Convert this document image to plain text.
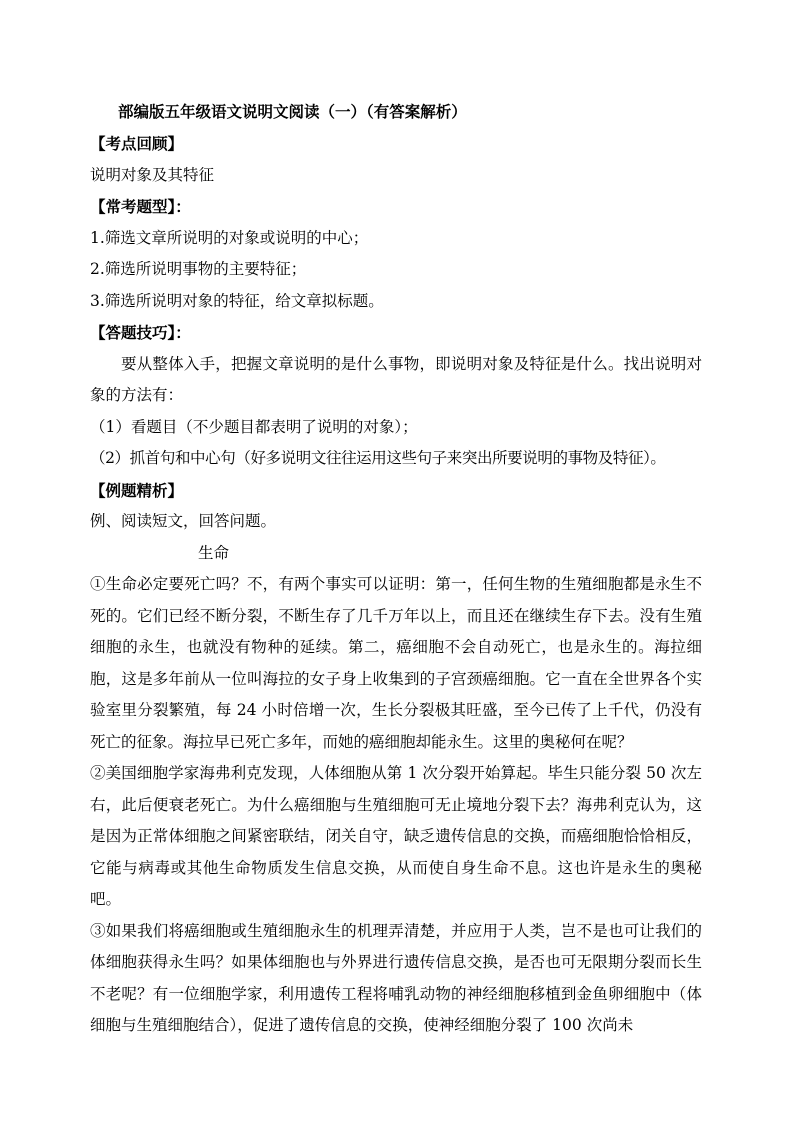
部编版五年级语文说明文阅读（一）（有答案解析）

【考点回顾】

说明对象及其特征

【常考题型】：

1.筛选文章所说明的对象或说明的中心；

2.筛选所说明事物的主要特征；

3.筛选所说明对象的特征，给文章拟标题。

【答题技巧】：

要从整体入手，把握文章说明的是什么事物，即说明对象及特征是什么。找出说明对象的方法有：

（1）看题目（不少题目都表明了说明的对象）；

（2）抓首句和中心句（好多说明文往往运用这些句子来突出所要说明的事物及特征）。

【例题精析】

例、阅读短文，回答问题。

生命

①生命必定要死亡吗？不，有两个事实可以证明：第一，任何生物的生殖细胞都是永生不死的。它们已经不断分裂，不断生存了几千万年以上，而且还在继续生存下去。没有生殖细胞的永生，也就没有物种的延续。第二，癌细胞不会自动死亡，也是永生的。海拉细胞，这是多年前从一位叫海拉的女子身上收集到的子宫颈癌细胞。它一直在全世界各个实验室里分裂繁殖，每 24 小时倍增一次，生长分裂极其旺盛，至今已传了上千代，仍没有死亡的征象。海拉早已死亡多年，而她的癌细胞却能永生。这里的奥秘何在呢？

②美国细胞学家海弗利克发现，人体细胞从第 1 次分裂开始算起。毕生只能分裂 50 次左右，此后便衰老死亡。为什么癌细胞与生殖细胞可无止境地分裂下去？海弗利克认为，这是因为正常体细胞之间紧密联结，闭关自守，缺乏遗传信息的交换，而癌细胞恰恰相反，它能与病毒或其他生命物质发生信息交换，从而使自身生命不息。这也许是永生的奥秘吧。

③如果我们将癌细胞或生殖细胞永生的机理弄清楚，并应用于人类，岂不是也可让我们的体细胞获得永生吗？如果体细胞也与外界进行遗传信息交换，是否也可无限期分裂而长生不老呢？有一位细胞学家，利用遗传工程将哺乳动物的神经细胞移植到金鱼卵细胞中（体细胞与生殖细胞结合），促进了遗传信息的交换，使神经细胞分裂了 100 次尚未
